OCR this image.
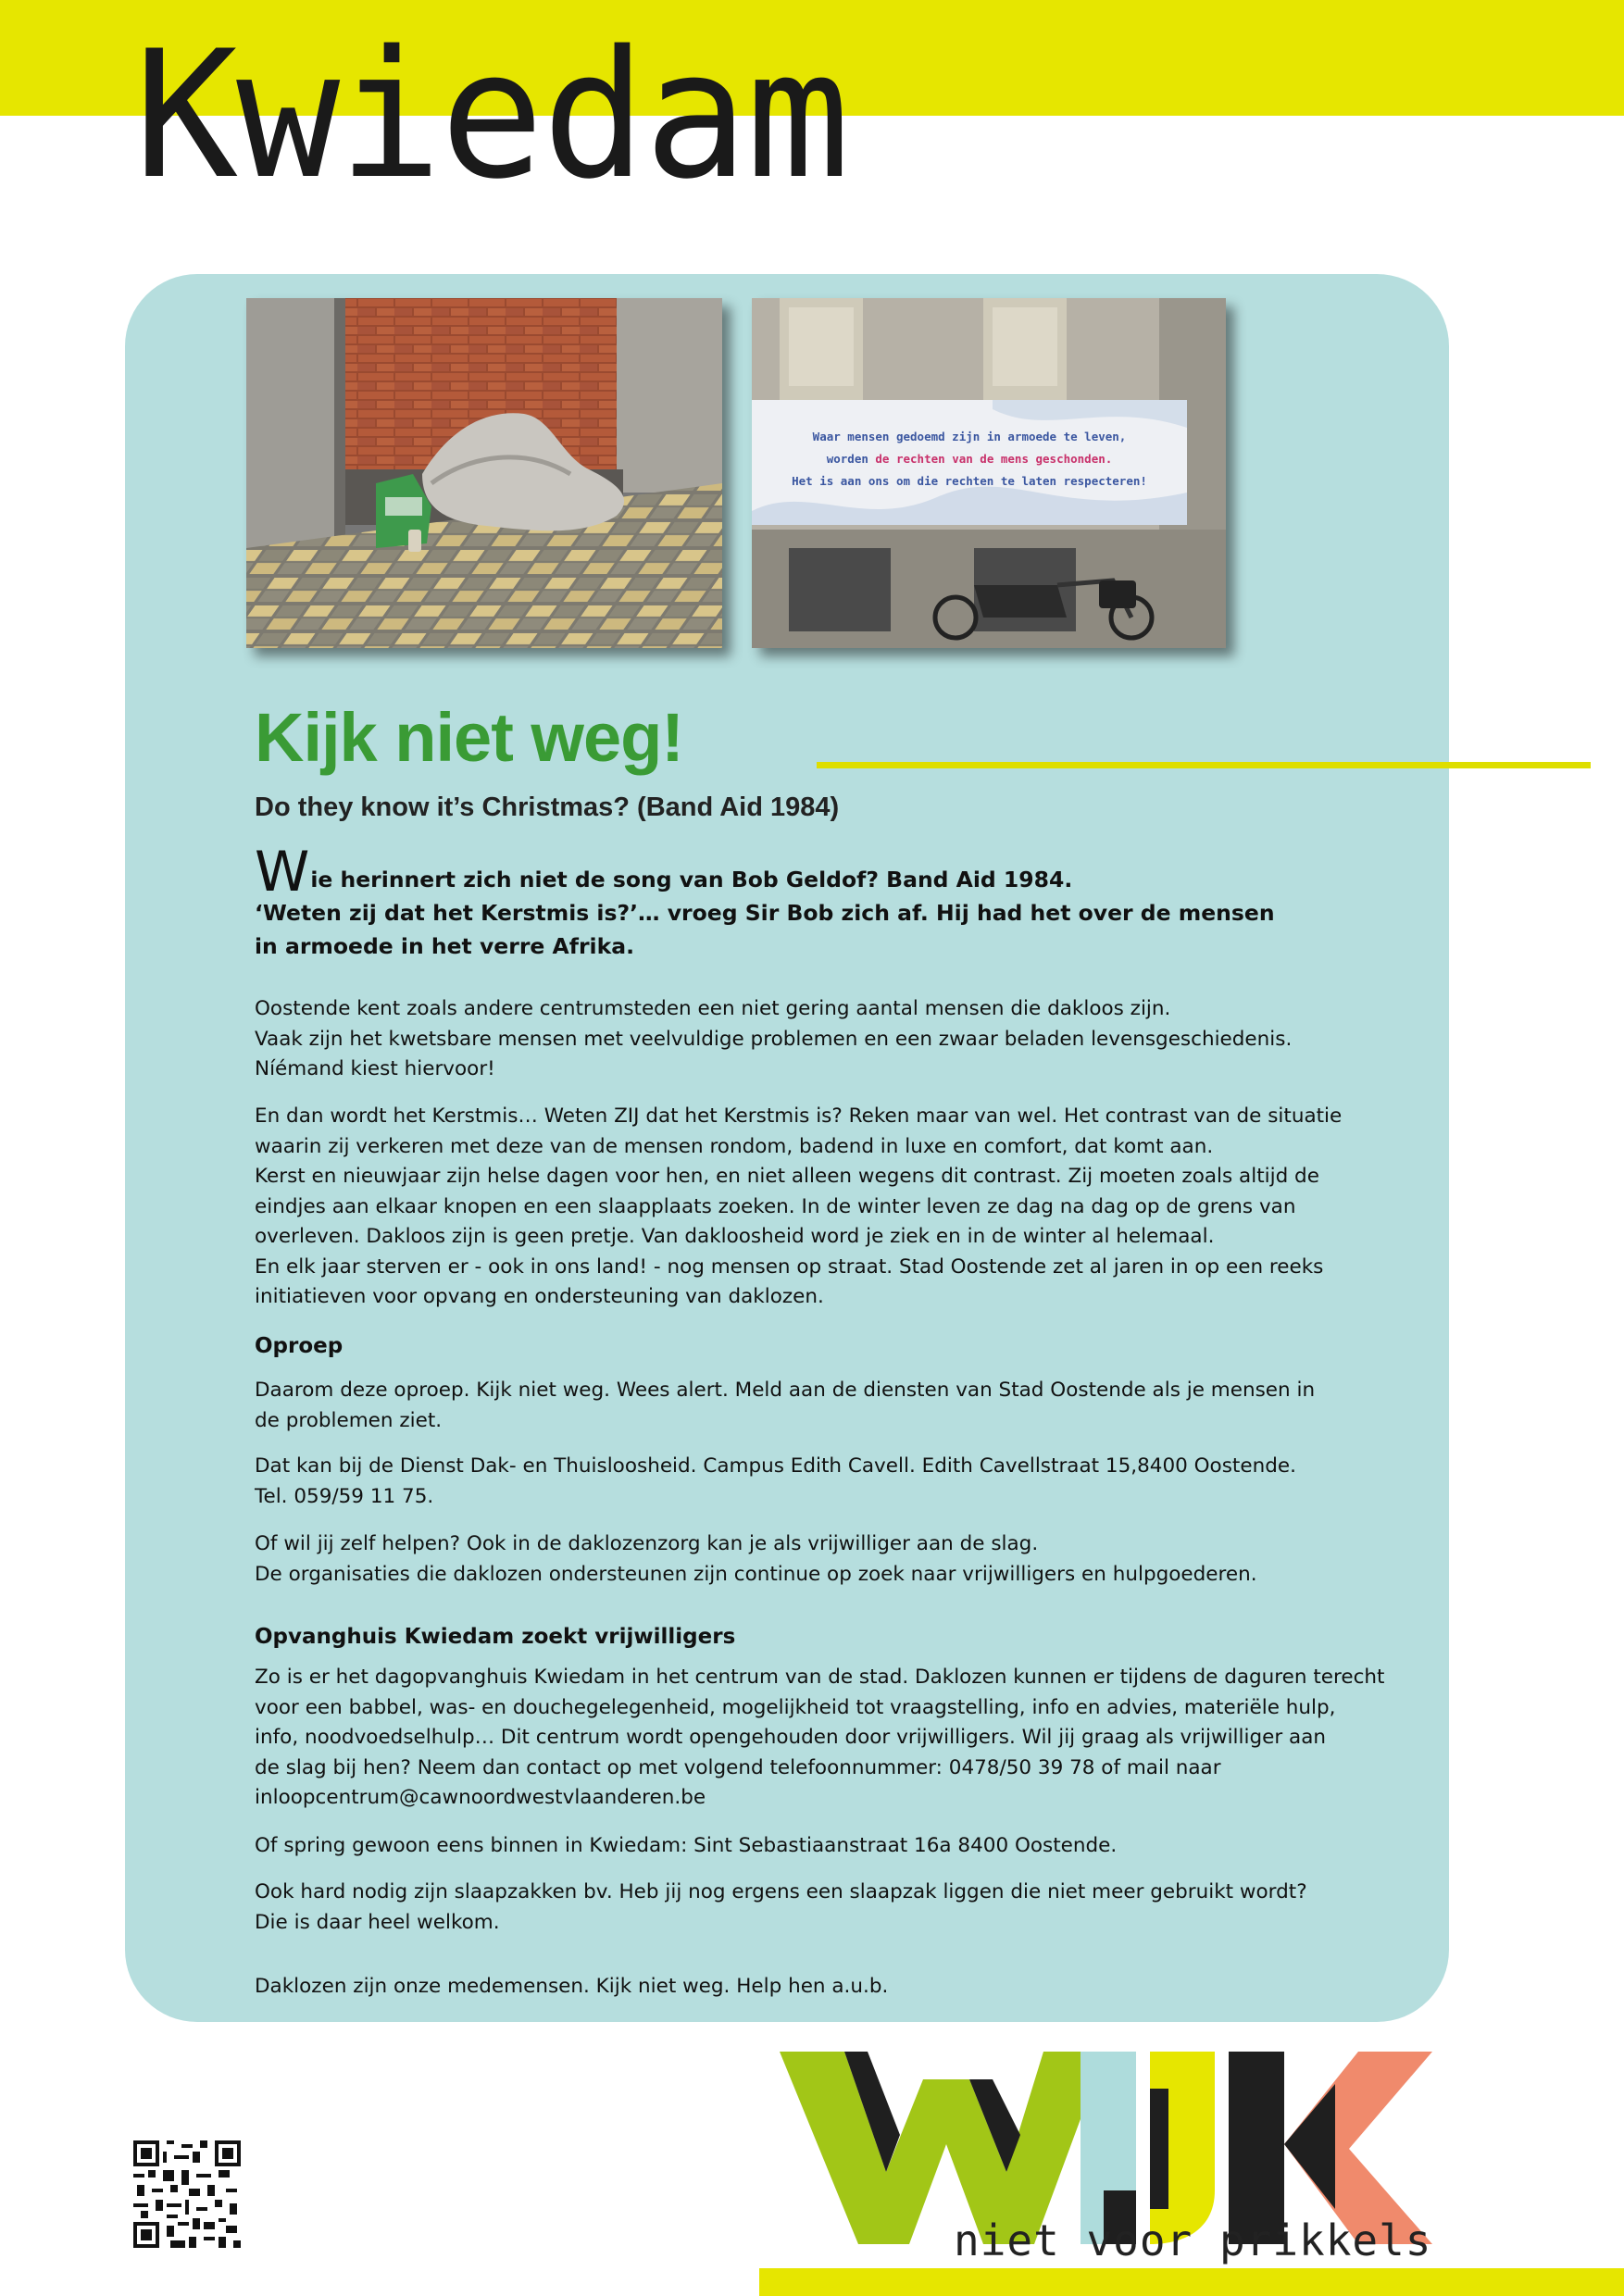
Kwiedam
Waar mensen gedoemd zijn in armoede te leven,
worden de rechten van de mens geschonden.
Het is aan ons om die rechten te laten respecteren!
Kijk niet weg!
Do they know it’s Christmas? (Band Aid 1984)
Wie herinnert zich niet de song van Bob Geldof? Band Aid 1984.
‘Weten zij dat het Kerstmis is?’… vroeg Sir Bob zich af. Hij had het over de mensen
in armoede in het verre Afrika.

Oostende kent zoals andere centrumsteden een niet gering aantal mensen die dakloos zijn.

Vaak zijn het kwetsbare mensen met veelvuldige problemen en een zwaar beladen levensgeschiedenis.

Níémand kiest hiervoor!

En dan wordt het Kerstmis… Weten ZIJ dat het Kerstmis is? Reken maar van wel. Het contrast van de situatie

waarin zij verkeren met deze van de mensen rondom, badend in luxe en comfort, dat komt aan.

Kerst en nieuwjaar zijn helse dagen voor hen, en niet alleen wegens dit contrast. Zij moeten zoals altijd de

eindjes aan elkaar knopen en een slaapplaats zoeken. In de winter leven ze dag na dag op de grens van

overleven. Dakloos zijn is geen pretje. Van dakloosheid word je ziek en in de winter al helemaal.

En elk jaar sterven er - ook in ons land! - nog mensen op straat. Stad Oostende zet al jaren in op een reeks

initiatieven voor opvang en ondersteuning van daklozen.

Oproep

Daarom deze oproep. Kijk niet weg. Wees alert. Meld aan de diensten van Stad Oostende als je mensen in

de problemen ziet.

Dat kan bij de Dienst Dak- en Thuisloosheid. Campus Edith Cavell. Edith Cavellstraat 15,8400 Oostende.

Tel. 059/59 11 75.

Of wil jij zelf helpen? Ook in de daklozenzorg kan je als vrijwilliger aan de slag.

De organisaties die daklozen ondersteunen zijn continue op zoek naar vrijwilligers en hulpgoederen.

Opvanghuis Kwiedam zoekt vrijwilligers

Zo is er het dagopvanghuis Kwiedam in het centrum van de stad. Daklozen kunnen er tijdens de daguren terecht

voor een babbel, was- en douchegelegenheid, mogelijkheid tot vraagstelling, info en advies, materiële hulp,

info, noodvoedselhulp… Dit centrum wordt opengehouden door vrijwilligers. Wil jij graag als vrijwilliger aan

de slag bij hen? Neem dan contact op met volgend telefoonnummer: 0478/50 39 78 of mail naar

inloopcentrum@cawnoordwestvlaanderen.be

Of spring gewoon eens binnen in Kwiedam: Sint Sebastiaanstraat 16a 8400 Oostende.

Ook hard nodig zijn slaapzakken bv. Heb jij nog ergens een slaapzak liggen die niet meer gebruikt wordt?

Die is daar heel welkom.

Daklozen zijn onze medemensen. Kijk niet weg. Help hen a.u.b.

niet voor prikkels
